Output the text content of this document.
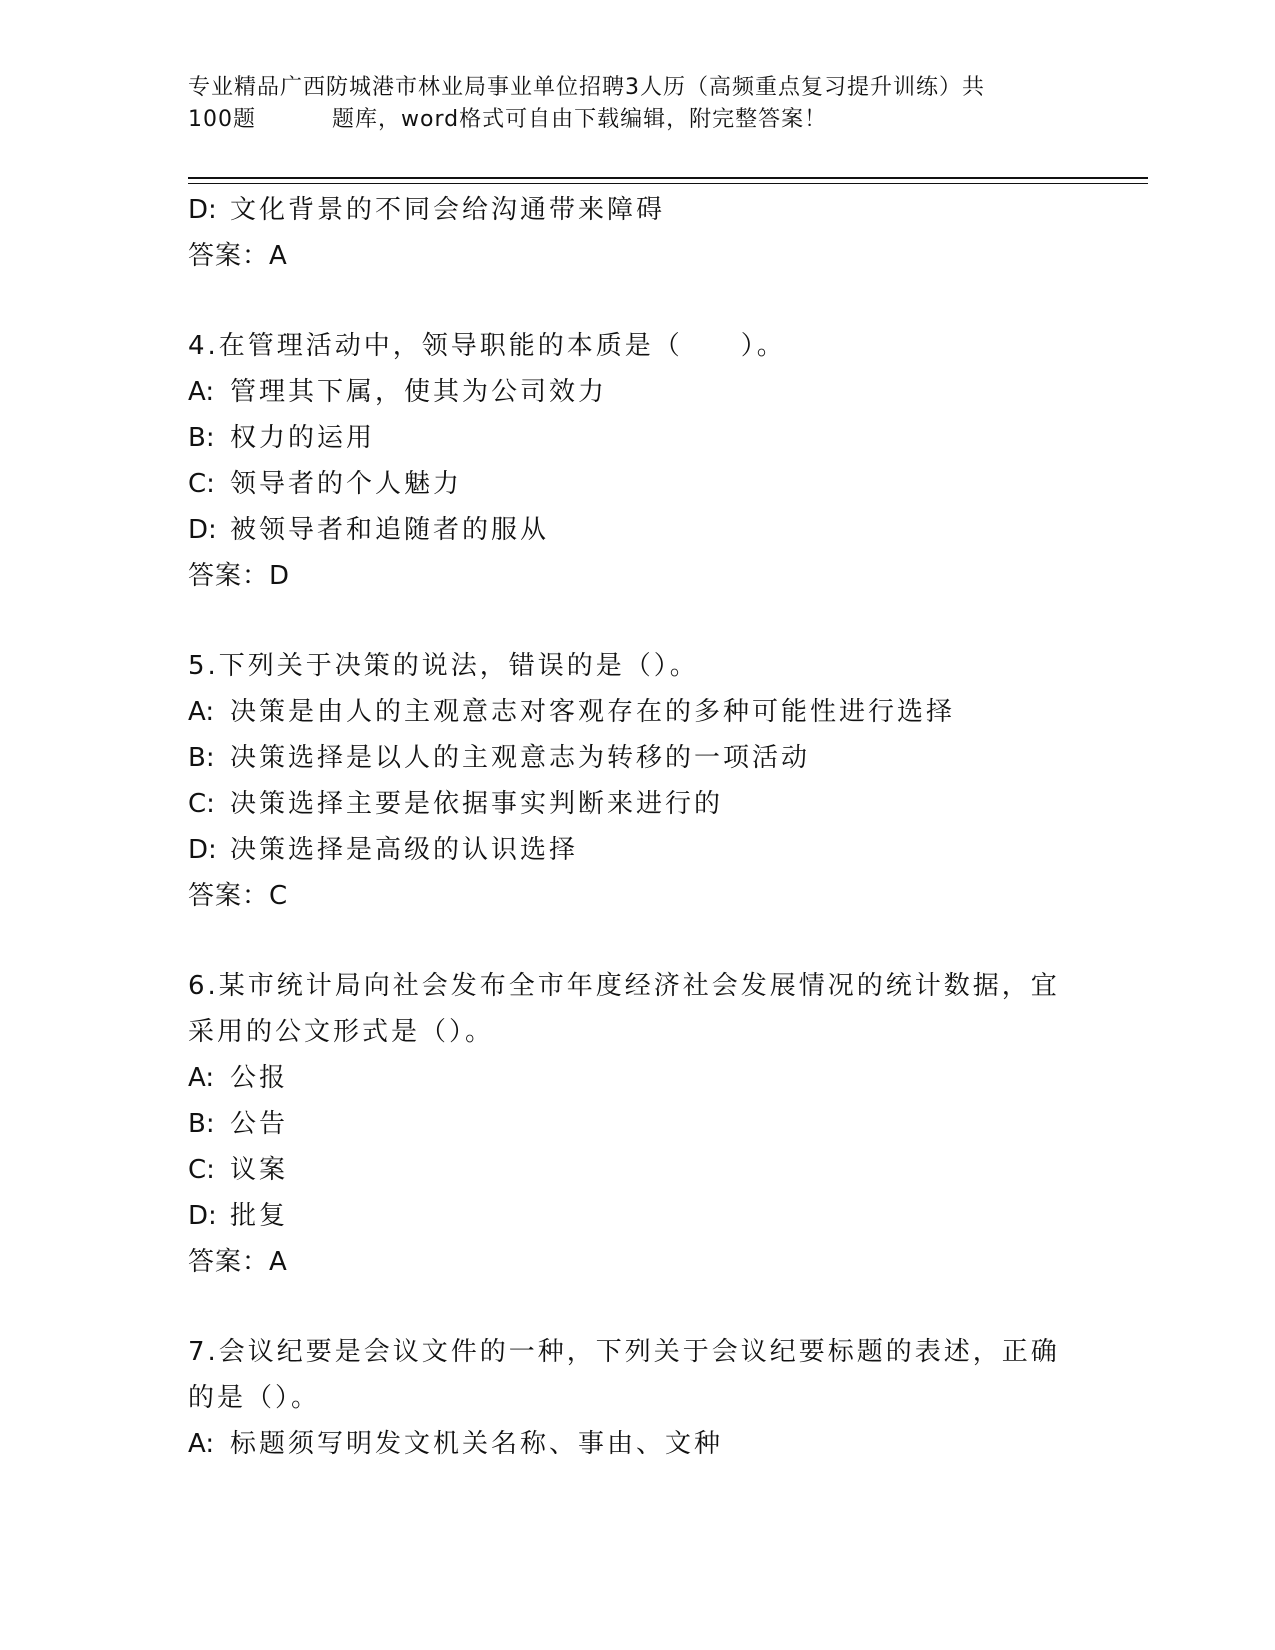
专业精品广西防城港市林业局事业单位招聘3人历（高频重点复习提升训练）共
100题	题库，word格式可自由下载编辑，附完整答案！
D: 文化背景的不同会给沟通带来障碍
答案：A
4.在管理活动中，领导职能的本质是（　　）。
A: 管理其下属，使其为公司效力
B: 权力的运用
C: 领导者的个人魅力
D: 被领导者和追随者的服从
答案：D
5.下列关于决策的说法，错误的是（）。
A: 决策是由人的主观意志对客观存在的多种可能性进行选择
B: 决策选择是以人的主观意志为转移的一项活动
C: 决策选择主要是依据事实判断来进行的
D: 决策选择是高级的认识选择
答案：C
6.某市统计局向社会发布全市年度经济社会发展情况的统计数据，宜采用的公文形式是（）。
A: 公报
B: 公告
C: 议案
D: 批复
答案：A
7.会议纪要是会议文件的一种，下列关于会议纪要标题的表述，正确的是（）。
A: 标题须写明发文机关名称、事由、文种
